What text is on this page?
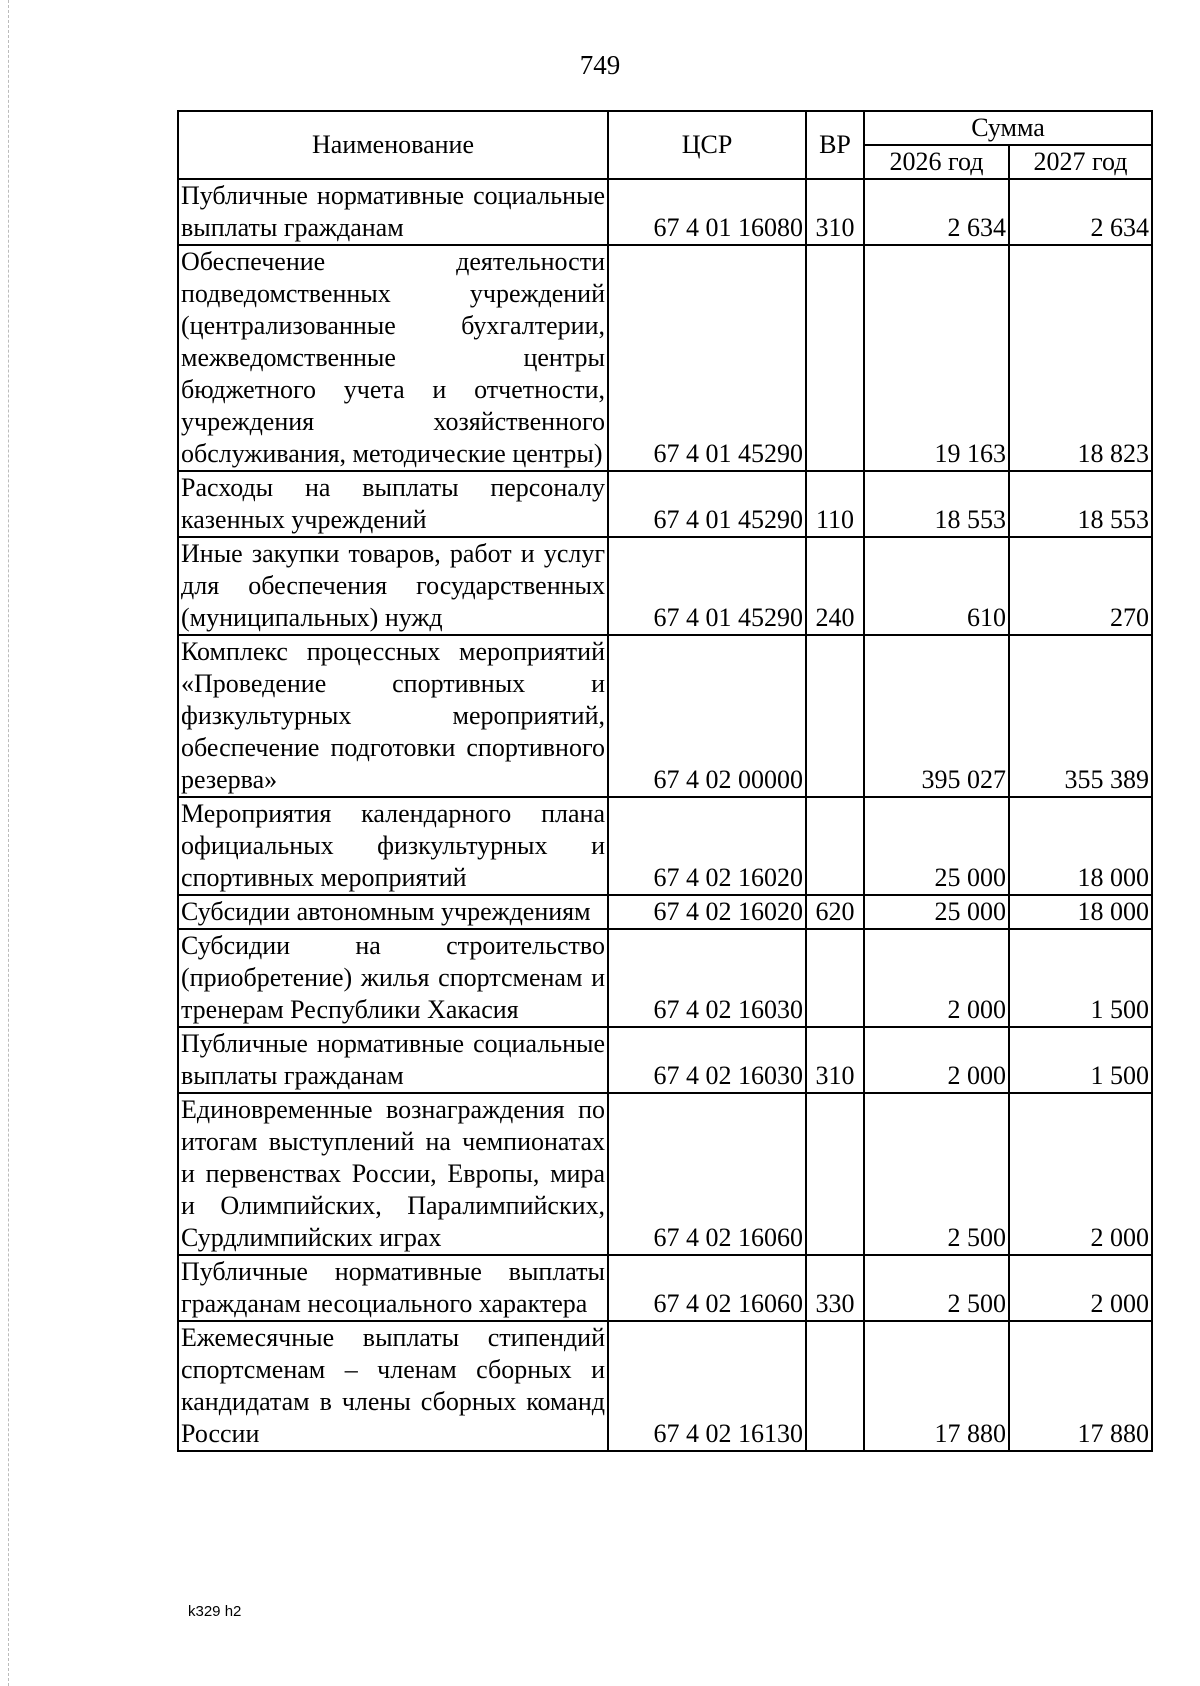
749
Наименование	ЦСР	ВР	Сумма	
			2026 год	2027 год
Публичные нормативные социальные выплаты гражданам	67 4 01 16080	310	2 634	2 634
Обеспечение деятельности подведомственных учреждений (централизованные бухгалтерии, межведомственные центры бюджетного учета и отчетности, учреждения хозяйственного обслуживания, методические центры)	67 4 01 45290		19 163	18 823
Расходы на выплаты персоналу казенных учреждений	67 4 01 45290	110	18 553	18 553
Иные закупки товаров, работ и услуг для обеспечения государственных (муниципальных) нужд	67 4 01 45290	240	610	270
Комплекс процессных мероприятий «Проведение спортивных и физкультурных мероприятий, обеспечение подготовки спортивного резерва»	67 4 02 00000		395 027	355 389
Мероприятия календарного плана официальных физкультурных и спортивных мероприятий	67 4 02 16020		25 000	18 000
Субсидии автономным учреждениям	67 4 02 16020	620	25 000	18 000
Субсидии на строительство (приобретение) жилья спортсменам и тренерам Республики Хакасия	67 4 02 16030		2 000	1 500
Публичные нормативные социальные выплаты гражданам	67 4 02 16030	310	2 000	1 500
Единовременные вознаграждения по итогам выступлений на чемпионатах и первенствах России, Европы, мира и Олимпийских, Паралимпийских, Сурдлимпийских играх	67 4 02 16060		2 500	2 000
Публичные нормативные выплаты гражданам несоциального характера	67 4 02 16060	330	2 500	2 000
Ежемесячные выплаты стипендий спортсменам – членам сборных и кандидатам в члены сборных команд России	67 4 02 16130		17 880	17 880
k329 h2
